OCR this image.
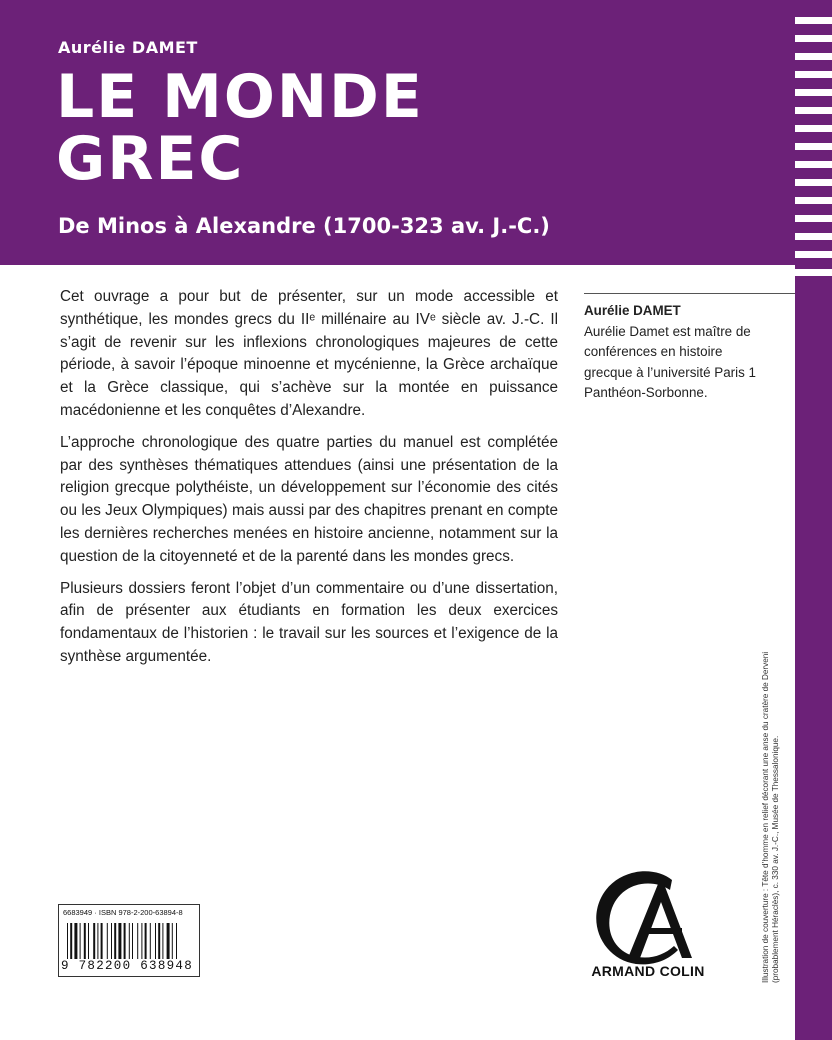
Aurélie DAMET
LE MONDE
GREC
De Minos à Alexandre (1700-323 av. J.-C.)

Cet ouvrage a pour but de présenter, sur un mode accessible et synthétique, les mondes grecs du IIᵉ millénaire au IVᵉ siècle av. J.-C. Il s’agit de revenir sur les inflexions chronologiques majeures de cette période, à savoir l’époque minoenne et mycénienne, la Grèce archaïque et la Grèce classique, qui s’achève sur la montée en puissance macédonienne et les conquêtes d’Alexandre.

L’approche chronologique des quatre parties du manuel est complétée par des synthèses thématiques attendues (ainsi une présentation de la religion grecque polythéiste, un développement sur l’économie des cités ou les Jeux Olympiques) mais aussi par des chapitres prenant en compte les dernières recherches menées en histoire ancienne, notamment sur la question de la citoyenneté et de la parenté dans les mondes grecs.

Plusieurs dossiers feront l’objet d’un commentaire ou d’une dissertation, afin de présenter aux étudiants en formation les deux exercices fondamentaux de l’historien : le travail sur les sources et l’exigence de la synthèse argumentée.

Aurélie DAMET
Aurélie Damet est maître de conférences en histoire grecque à l’université Paris 1 Panthéon-Sorbonne.
Illustration de couverture : Tête d’homme en relief décorant une anse du cratère de Derveni (probablement Héraclès), c. 330 av. J.-C., Musée de Thessalonique.
6683949 · ISBN 978-2-200-63894-8
9 782200 638948	ARMAND COLIN
